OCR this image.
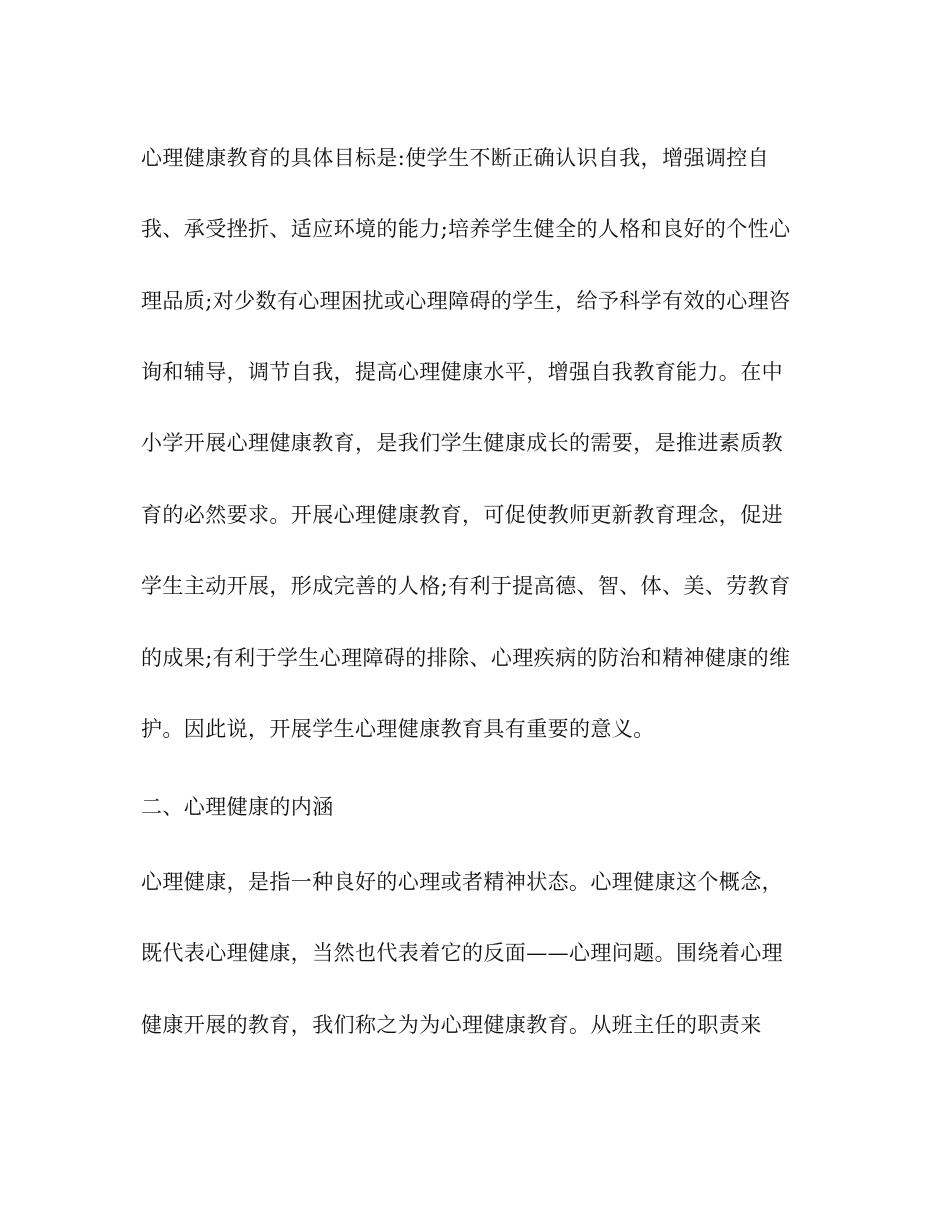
心理健康教育的具体目标是:使学生不断正确认识自我，增强调控自
我、承受挫折、适应环境的能力;培养学生健全的人格和良好的个性心
理品质;对少数有心理困扰或心理障碍的学生，给予科学有效的心理咨
询和辅导，调节自我，提高心理健康水平，增强自我教育能力。在中
小学开展心理健康教育，是我们学生健康成长的需要，是推进素质教
育的必然要求。开展心理健康教育，可促使教师更新教育理念，促进
学生主动开展，形成完善的人格;有利于提高德、智、体、美、劳教育
的成果;有利于学生心理障碍的排除、心理疾病的防治和精神健康的维
护。因此说，开展学生心理健康教育具有重要的意义。
二、心理健康的内涵
心理健康，是指一种良好的心理或者精神状态。心理健康这个概念，
既代表心理健康，当然也代表着它的反面——心理问题。围绕着心理
健康开展的教育，我们称之为为心理健康教育。从班主任的职责来
